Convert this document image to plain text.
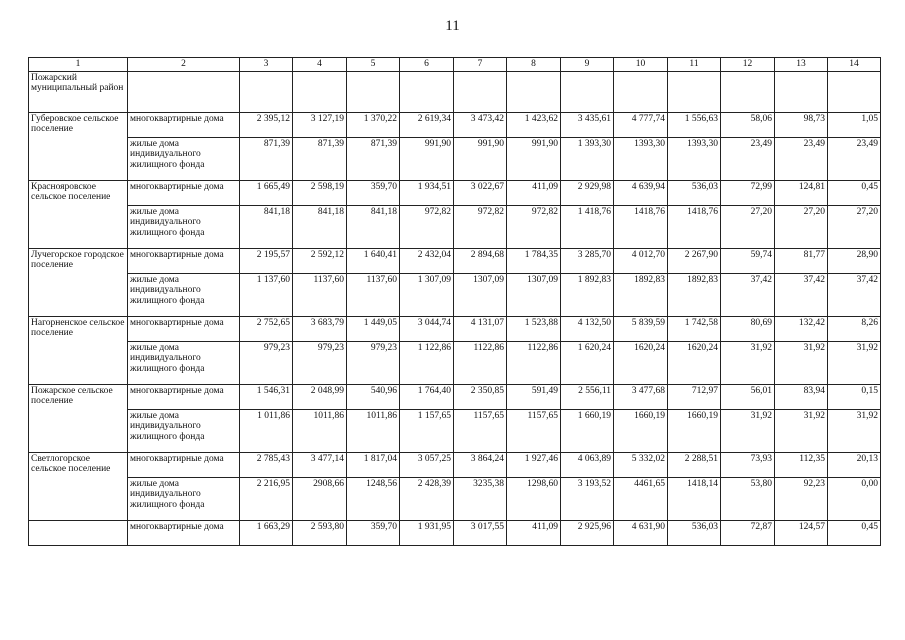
11
1	2	3	4	5	6	7	8	9	10	11	12	13	14
Пожарский муниципальный район													
Губеровское сельское поселение	многоквартирные дома	2 395,12	3 127,19	1 370,22	2 619,34	3 473,42	1 423,62	3 435,61	4 777,74	1 556,63	58,06	98,73	1,05
	жилые дома индивидуального жилищного фонда	871,39	871,39	871,39	991,90	991,90	991,90	1 393,30	1393,30	1393,30	23,49	23,49	23,49
Краснояровское сельское поселение	многоквартирные дома	1 665,49	2 598,19	359,70	1 934,51	3 022,67	411,09	2 929,98	4 639,94	536,03	72,99	124,81	0,45
	жилые дома индивидуального жилищного фонда	841,18	841,18	841,18	972,82	972,82	972,82	1 418,76	1418,76	1418,76	27,20	27,20	27,20
Лучегорское городское поселение	многоквартирные дома	2 195,57	2 592,12	1 640,41	2 432,04	2 894,68	1 784,35	3 285,70	4 012,70	2 267,90	59,74	81,77	28,90
	жилые дома индивидуального жилищного фонда	1 137,60	1137,60	1137,60	1 307,09	1307,09	1307,09	1 892,83	1892,83	1892,83	37,42	37,42	37,42
Нагорненское сельское поселение	многоквартирные дома	2 752,65	3 683,79	1 449,05	3 044,74	4 131,07	1 523,88	4 132,50	5 839,59	1 742,58	80,69	132,42	8,26
	жилые дома индивидуального жилищного фонда	979,23	979,23	979,23	1 122,86	1122,86	1122,86	1 620,24	1620,24	1620,24	31,92	31,92	31,92
Пожарское сельское поселение	многоквартирные дома	1 546,31	2 048,99	540,96	1 764,40	2 350,85	591,49	2 556,11	3 477,68	712,97	56,01	83,94	0,15
	жилые дома индивидуального жилищного фонда	1 011,86	1011,86	1011,86	1 157,65	1157,65	1157,65	1 660,19	1660,19	1660,19	31,92	31,92	31,92
Светлогорское сельское поселение	многоквартирные дома	2 785,43	3 477,14	1 817,04	3 057,25	3 864,24	1 927,46	4 063,89	5 332,02	2 288,51	73,93	112,35	20,13
	жилые дома индивидуального жилищного фонда	2 216,95	2908,66	1248,56	2 428,39	3235,38	1298,60	3 193,52	4461,65	1418,14	53,80	92,23	0,00
	многоквартирные дома	1 663,29	2 593,80	359,70	1 931,95	3 017,55	411,09	2 925,96	4 631,90	536,03	72,87	124,57	0,45
